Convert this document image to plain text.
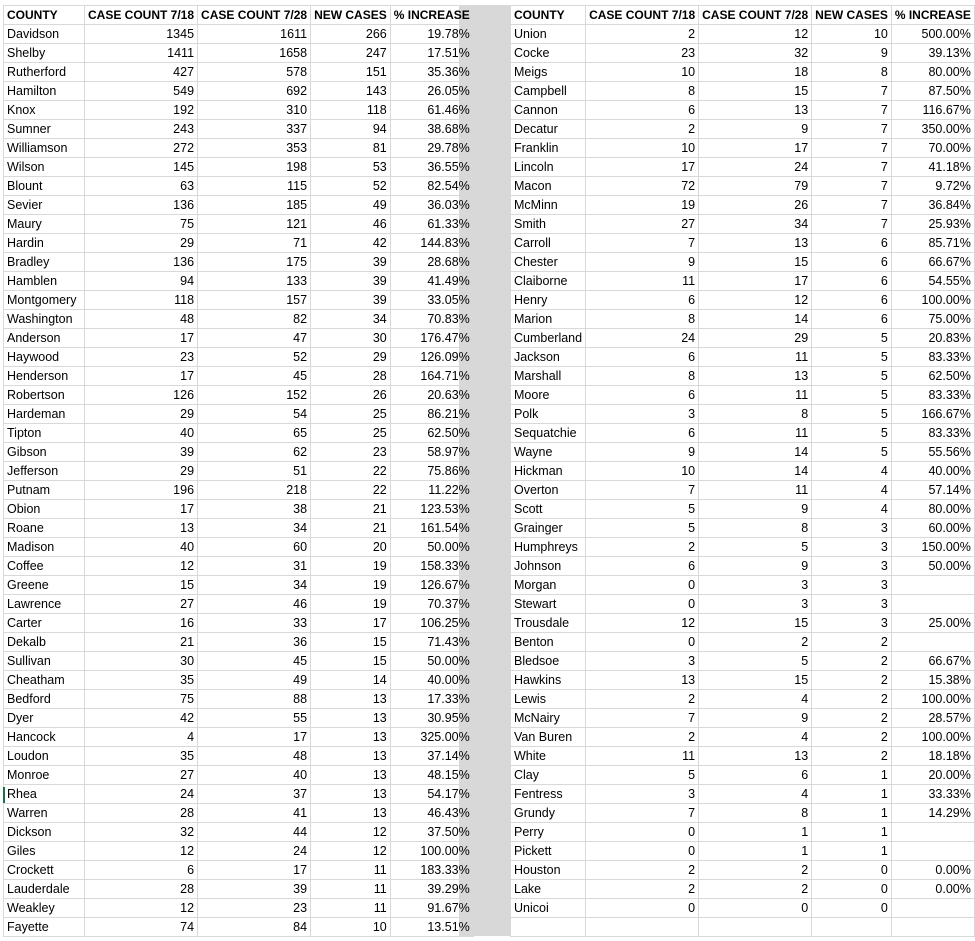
COUNTY	CASE COUNT 7/18	CASE COUNT 7/28	NEW CASES	% INCREASE
Davidson	1345	1611	266	19.78%
Shelby	1411	1658	247	17.51%
Rutherford	427	578	151	35.36%
Hamilton	549	692	143	26.05%
Knox	192	310	118	61.46%
Sumner	243	337	94	38.68%
Williamson	272	353	81	29.78%
Wilson	145	198	53	36.55%
Blount	63	115	52	82.54%
Sevier	136	185	49	36.03%
Maury	75	121	46	61.33%
Hardin	29	71	42	144.83%
Bradley	136	175	39	28.68%
Hamblen	94	133	39	41.49%
Montgomery	118	157	39	33.05%
Washington	48	82	34	70.83%
Anderson	17	47	30	176.47%
Haywood	23	52	29	126.09%
Henderson	17	45	28	164.71%
Robertson	126	152	26	20.63%
Hardeman	29	54	25	86.21%
Tipton	40	65	25	62.50%
Gibson	39	62	23	58.97%
Jefferson	29	51	22	75.86%
Putnam	196	218	22	11.22%
Obion	17	38	21	123.53%
Roane	13	34	21	161.54%
Madison	40	60	20	50.00%
Coffee	12	31	19	158.33%
Greene	15	34	19	126.67%
Lawrence	27	46	19	70.37%
Carter	16	33	17	106.25%
Dekalb	21	36	15	71.43%
Sullivan	30	45	15	50.00%
Cheatham	35	49	14	40.00%
Bedford	75	88	13	17.33%
Dyer	42	55	13	30.95%
Hancock	4	17	13	325.00%
Loudon	35	48	13	37.14%
Monroe	27	40	13	48.15%
Rhea	24	37	13	54.17%
Warren	28	41	13	46.43%
Dickson	32	44	12	37.50%
Giles	12	24	12	100.00%
Crockett	6	17	11	183.33%
Lauderdale	28	39	11	39.29%
Weakley	12	23	11	91.67%
Fayette	74	84	10	13.51%
COUNTY	CASE COUNT 7/18	CASE COUNT 7/28	NEW CASES	% INCREASE
Union	2	12	10	500.00%
Cocke	23	32	9	39.13%
Meigs	10	18	8	80.00%
Campbell	8	15	7	87.50%
Cannon	6	13	7	116.67%
Decatur	2	9	7	350.00%
Franklin	10	17	7	70.00%
Lincoln	17	24	7	41.18%
Macon	72	79	7	9.72%
McMinn	19	26	7	36.84%
Smith	27	34	7	25.93%
Carroll	7	13	6	85.71%
Chester	9	15	6	66.67%
Claiborne	11	17	6	54.55%
Henry	6	12	6	100.00%
Marion	8	14	6	75.00%
Cumberland	24	29	5	20.83%
Jackson	6	11	5	83.33%
Marshall	8	13	5	62.50%
Moore	6	11	5	83.33%
Polk	3	8	5	166.67%
Sequatchie	6	11	5	83.33%
Wayne	9	14	5	55.56%
Hickman	10	14	4	40.00%
Overton	7	11	4	57.14%
Scott	5	9	4	80.00%
Grainger	5	8	3	60.00%
Humphreys	2	5	3	150.00%
Johnson	6	9	3	50.00%
Morgan	0	3	3	
Stewart	0	3	3	
Trousdale	12	15	3	25.00%
Benton	0	2	2	
Bledsoe	3	5	2	66.67%
Hawkins	13	15	2	15.38%
Lewis	2	4	2	100.00%
McNairy	7	9	2	28.57%
Van Buren	2	4	2	100.00%
White	11	13	2	18.18%
Clay	5	6	1	20.00%
Fentress	3	4	1	33.33%
Grundy	7	8	1	14.29%
Perry	0	1	1	
Pickett	0	1	1	
Houston	2	2	0	0.00%
Lake	2	2	0	0.00%
Unicoi	0	0	0	
